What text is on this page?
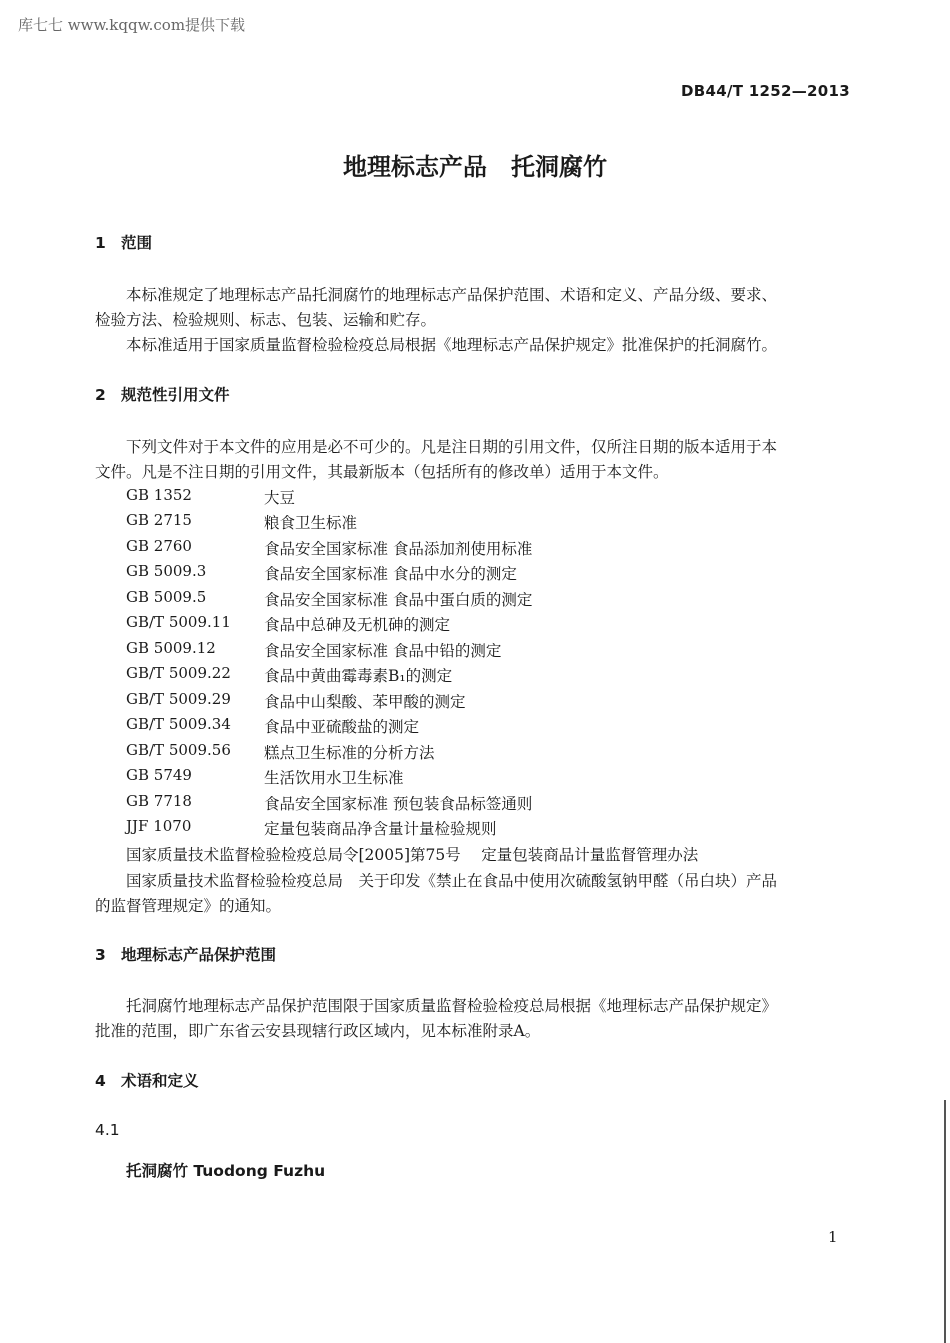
库七七 www.kqqw.com提供下载
DB44/T 1252—2013
地理标志产品　托洞腐竹
1 范围
本标准规定了地理标志产品托洞腐竹的地理标志产品保护范围、术语和定义、产品分级、要求、
检验方法、检验规则、标志、包装、运输和贮存。
本标准适用于国家质量监督检验检疫总局根据《地理标志产品保护规定》批准保护的托洞腐竹。
2 规范性引用文件
下列文件对于本文件的应用是必不可少的。凡是注日期的引用文件，仅所注日期的版本适用于本
文件。凡是不注日期的引用文件，其最新版本（包括所有的修改单）适用于本文件。
GB 1352	大豆
GB 2715	粮食卫生标准
GB 2760	食品安全国家标准 食品添加剂使用标准
GB 5009.3	食品安全国家标准 食品中水分的测定
GB 5009.5	食品安全国家标准 食品中蛋白质的测定
GB/T 5009.11 食品中总砷及无机砷的测定
GB 5009.12	食品安全国家标准 食品中铅的测定
GB/T 5009.22 食品中黄曲霉毒素B₁的测定
GB/T 5009.29 食品中山梨酸、苯甲酸的测定
GB/T 5009.34 食品中亚硫酸盐的测定
GB/T 5009.56 糕点卫生标准的分析方法
GB 5749	生活饮用水卫生标准
GB 7718	食品安全国家标准 预包装食品标签通则
JJF 1070	定量包装商品净含量计量检验规则
国家质量技术监督检验检疫总局令[2005]第75号　 定量包装商品计量监督管理办法
国家质量技术监督检验检疫总局　关于印发《禁止在食品中使用次硫酸氢钠甲醛（吊白块）产品
的监督管理规定》的通知。
3 地理标志产品保护范围
托洞腐竹地理标志产品保护范围限于国家质量监督检验检疫总局根据《地理标志产品保护规定》
批准的范围，即广东省云安县现辖行政区域内，见本标准附录A。
4 术语和定义
4.1
托洞腐竹 Tuodong Fuzhu
1
